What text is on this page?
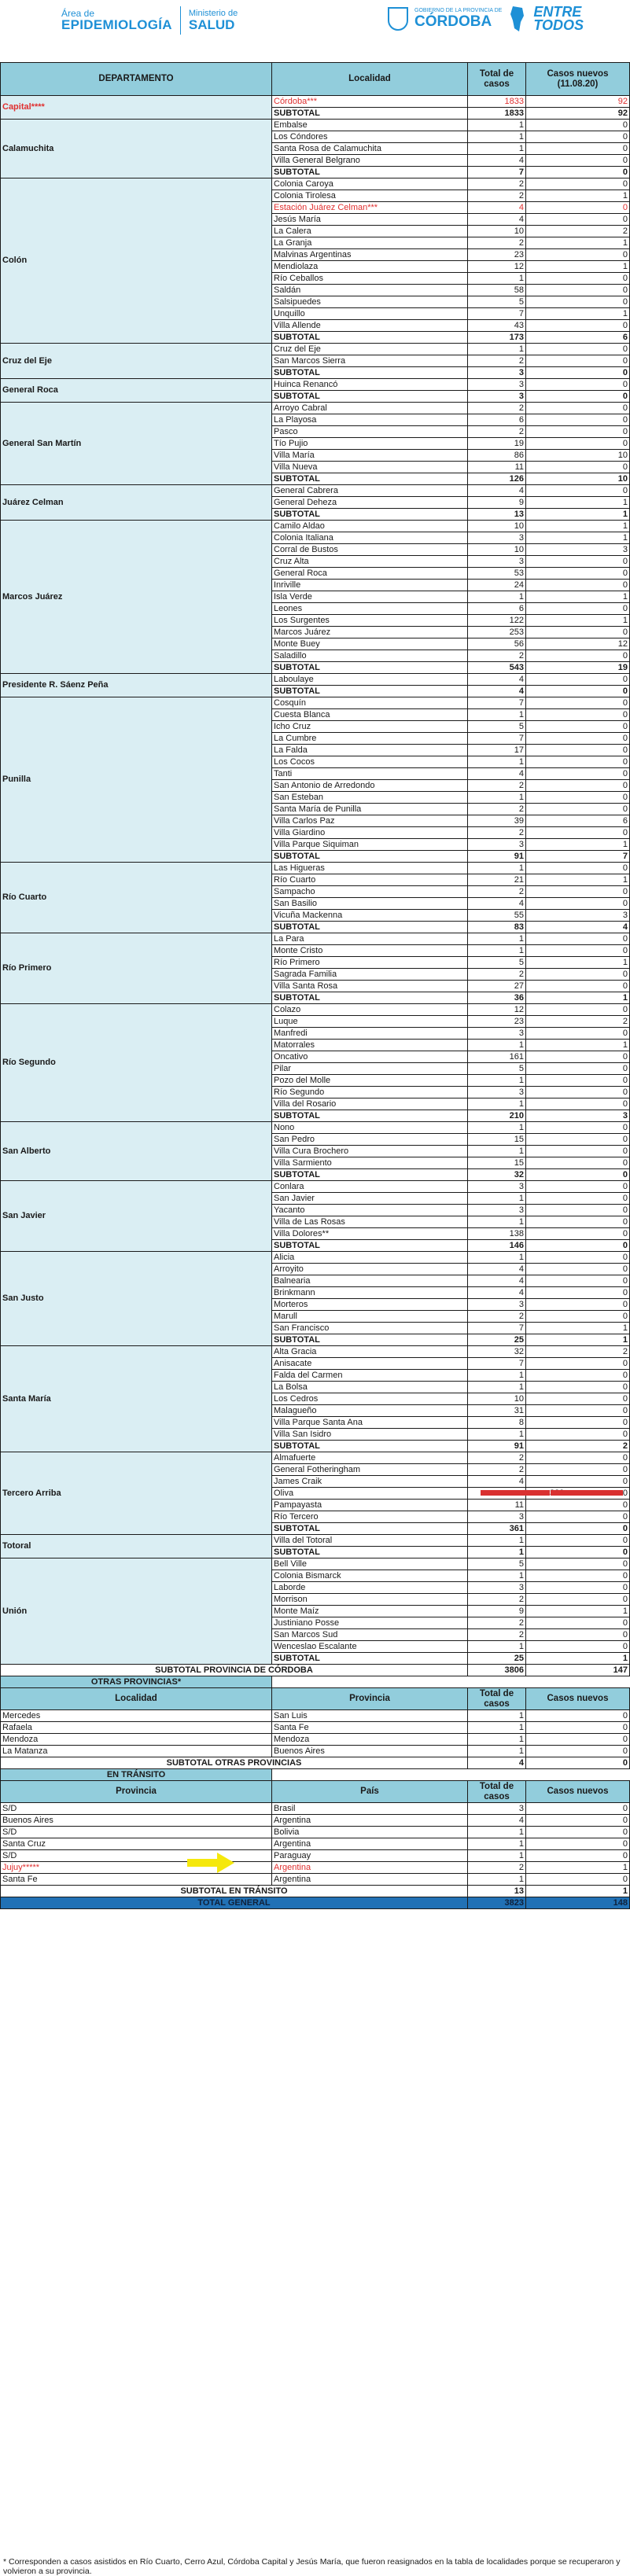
Área de
EPIDEMIOLOGÍA
Ministerio de
SALUD
GOBIERNO DE LA PROVINCIA DE
CÓRDOBA
ENTRE
TODOS
DEPARTAMENTO	Localidad	Total de casos	Casos nuevos (11.08.20)
Capital****	Córdoba***	1833	92
	SUBTOTAL	1833	92
Calamuchita	Embalse	1	0
	Los Cóndores	1	0
	Santa Rosa de Calamuchita	1	0
	Villa General Belgrano	4	0
	SUBTOTAL	7	0
Colón	Colonia Caroya	2	0
	Colonia Tirolesa	2	1
	Estación Juárez Celman***	4	0
	Jesús María	4	0
	La Calera	10	2
	La Granja	2	1
	Malvinas Argentinas	23	0
	Mendiolaza	12	1
	Río Ceballos	1	0
	Saldán	58	0
	Salsipuedes	5	0
	Unquillo	7	1
	Villa Allende	43	0
	SUBTOTAL	173	6
Cruz del Eje	Cruz del Eje	1	0
	San Marcos Sierra	2	0
	SUBTOTAL	3	0
General Roca	Huinca Renancó	3	0
	SUBTOTAL	3	0
General San Martín	Arroyo Cabral	2	0
	La Playosa	6	0
	Pasco	2	0
	Tío Pujio	19	0
	Villa María	86	10
	Villa Nueva	11	0
	SUBTOTAL	126	10
Juárez Celman	General Cabrera	4	0
	General Deheza	9	1
	SUBTOTAL	13	1
Marcos Juárez	Camilo Aldao	10	1
	Colonia Italiana	3	1
	Corral de Bustos	10	3
	Cruz Alta	3	0
	General Roca	53	0
	Inriville	24	0
	Isla Verde	1	1
	Leones	6	0
	Los Surgentes	122	1
	Marcos Juárez	253	0
	Monte Buey	56	12
	Saladillo	2	0
	SUBTOTAL	543	19
Presidente R. Sáenz Peña	Laboulaye	4	0
	SUBTOTAL	4	0
Punilla	Cosquín	7	0
	Cuesta Blanca	1	0
	Icho Cruz	5	0
	La Cumbre	7	0
	La Falda	17	0
	Los Cocos	1	0
	Tanti	4	0
	San Antonio de Arredondo	2	0
	San Esteban	1	0
	Santa María de Punilla	2	0
	Villa Carlos Paz	39	6
	Villa Giardino	2	0
	Villa Parque Siquiman	3	1
	SUBTOTAL	91	7
Río Cuarto	Las Higueras	1	0
	Río Cuarto	21	1
	Sampacho	2	0
	San Basilio	4	0
	Vicuña Mackenna	55	3
	SUBTOTAL	83	4
Río Primero	La Para	1	0
	Monte Cristo	1	0
	Río Primero	5	1
	Sagrada Familia	2	0
	Villa Santa Rosa	27	0
	SUBTOTAL	36	1
Río Segundo	Colazo	12	0
	Luque	23	2
	Manfredi	3	0
	Matorrales	1	1
	Oncativo	161	0
	Pilar	5	0
	Pozo del Molle	1	0
	Río Segundo	3	0
	Villa del Rosario	1	0
	SUBTOTAL	210	3
San Alberto	Nono	1	0
	San Pedro	15	0
	Villa Cura Brochero	1	0
	Villa Sarmiento	15	0
	SUBTOTAL	32	0
San Javier	Conlara	3	0
	San Javier	1	0
	Yacanto	3	0
	Villa de Las Rosas	1	0
	Villa Dolores**	138	0
	SUBTOTAL	146	0
San Justo	Alicia	1	0
	Arroyito	4	0
	Balnearia	4	0
	Brinkmann	4	0
	Morteros	3	0
	Marull	2	0
	San Francisco	7	1
	SUBTOTAL	25	1
Santa María	Alta Gracia	32	2
	Anisacate	7	0
	Falda del Carmen	1	0
	La Bolsa	1	0
	Los Cedros	10	0
	Malagueño	31	0
	Villa Parque Santa Ana	8	0
	Villa San Isidro	1	0
	SUBTOTAL	91	2
Tercero Arriba	Almafuerte	2	0
	General Fotheringham	2	0
	James Craik	4	0
	Oliva		0
	Pampayasta	11	0
	Río Tercero	3	0
	SUBTOTAL	361	0
Totoral	Villa del Totoral	1	0
	SUBTOTAL	1	0
Unión	Bell Ville	5	0
	Colonia Bismarck	1	0
	Laborde	3	0
	Morrison	2	0
	Monte Maíz	9	1
	Justiniano Posse	2	0
	San Marcos Sud	2	0
	Wenceslao Escalante	1	0
	SUBTOTAL	25	1
SUBTOTAL PROVINCIA DE CÓRDOBA		3806	147
OTRAS PROVINCIAS*			
Localidad	Provincia	Total de casos	Casos nuevos
Mercedes	San Luis	1	0
Rafaela	Santa Fe	1	0
Mendoza	Mendoza	1	0
La Matanza	Buenos Aires	1	0
SUBTOTAL OTRAS PROVINCIAS		4	0
EN TRÁNSITO			
Provincia	País	Total de casos	Casos nuevos
S/D	Brasil	3	0
Buenos Aires	Argentina	4	0
S/D	Bolivia	1	0
Santa Cruz	Argentina	1	0
S/D	Paraguay	1	0
Jujuy*****	Argentina	2	1
Santa Fe	Argentina	1	0
SUBTOTAL EN TRÁNSITO		13	1
TOTAL GENERAL		3823	148
* Corresponden a casos asistidos en Río Cuarto, Cerro Azul, Córdoba Capital y Jesús María, que fueron reasignados en la tabla de localidades porque se recuperaron y volvieron a su provincia.
